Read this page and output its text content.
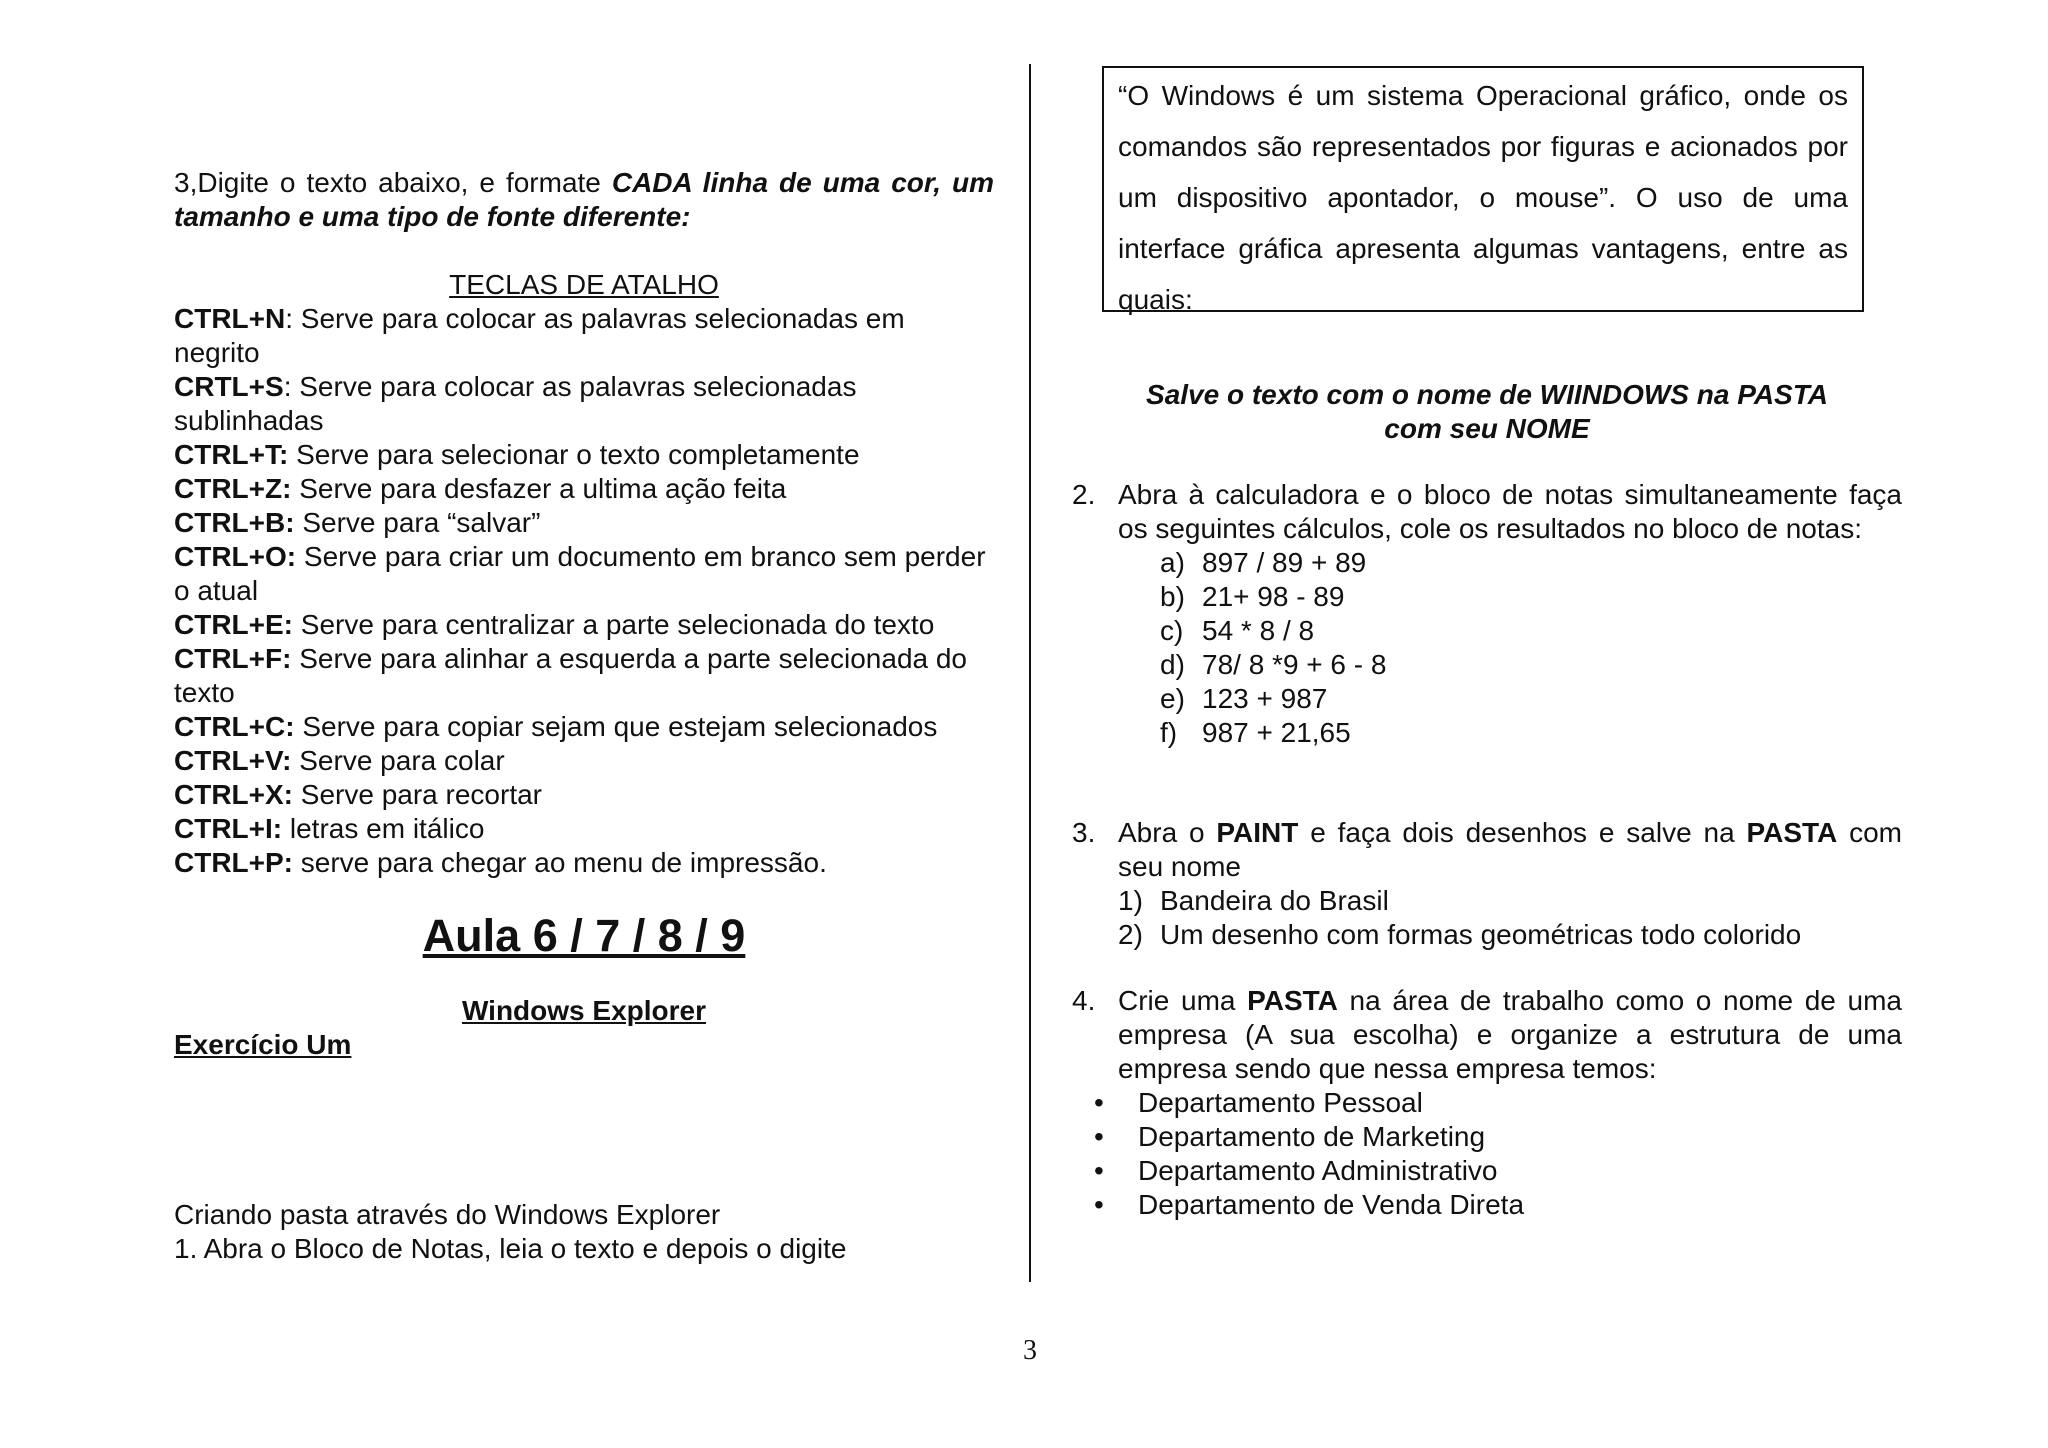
3,Digite o texto abaixo, e formate CADA linha de uma cor, um tamanho e uma tipo de fonte diferente:
TECLAS DE ATALHO
CTRL+N: Serve para colocar as palavras selecionadas em negrito
CRTL+S: Serve para colocar as palavras selecionadas sublinhadas
CTRL+T: Serve para selecionar o texto completamente
CTRL+Z: Serve para desfazer a ultima ação feita
CTRL+B: Serve para “salvar”
CTRL+O: Serve para criar um documento em branco sem perder o atual
CTRL+E: Serve para centralizar a parte selecionada do texto
CTRL+F: Serve para alinhar a esquerda a parte selecionada do texto
CTRL+C: Serve para copiar sejam que estejam selecionados
CTRL+V: Serve para colar
CTRL+X: Serve para recortar
CTRL+I: letras em itálico
CTRL+P: serve para chegar ao menu de impressão.
Aula 6 / 7 / 8 / 9
Windows Explorer
Exercício Um
Criando pasta através do Windows Explorer
1. Abra o Bloco de Notas, leia o texto e depois o digite

“O Windows é um sistema Operacional gráfico, onde os comandos são representados por figuras e acionados por um dispositivo apontador, o mouse”. O uso de uma interface gráfica apresenta algumas vantagens, entre as quais:

Salve o texto com o nome de WIINDOWS na PASTA
com seu NOME
2. Abra à calculadora e o bloco de notas simultaneamente faça os seguintes cálculos, cole os resultados no bloco de notas:
a) 897 / 89 + 89
b) 21+ 98 - 89
c) 54 * 8 / 8
d) 78/ 8 *9 + 6 - 8
e) 123 + 987
f) 987 + 21,65
3. Abra o PAINT e faça dois desenhos e salve na PASTA com seu nome
1) Bandeira do Brasil
2) Um desenho com formas geométricas todo colorido
4. Crie uma PASTA na área de trabalho como o nome de uma empresa (A sua escolha) e organize a estrutura de uma empresa sendo que nessa empresa temos:
• Departamento Pessoal
• Departamento de Marketing
• Departamento Administrativo
• Departamento de Venda Direta
3
